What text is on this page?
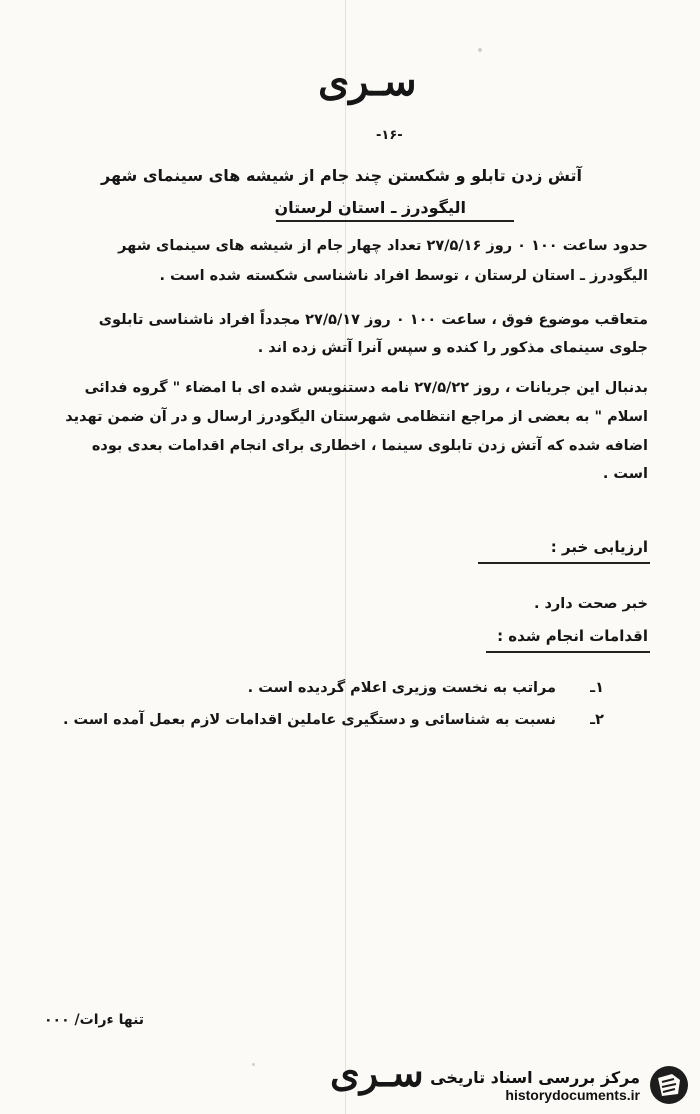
سـری
-۱۶-
آتش زدن تابلو و شکستن چند جام از شیشه های سینمای شهر
الیگودرز ـ استان لرستان
حدود ساعت ۱۰۰ ۰ روز ۲۷/۵/۱۶ تعداد چهار جام از شیشه های سینمای شهر
الیگودرز ـ استان لرستان ، توسط افراد ناشناسی شکسته شده است .
متعاقب موضوع فوق ، ساعت ۱۰۰ ۰ روز ۲۷/۵/۱۷ مجدداً افراد ناشناسی تابلوی
جلوی سینمای مذکور را کنده و سپس آنرا آتش زده اند .
بدنبال این جریانات ، روز ۲۷/۵/۲۲ نامه دستنویس شده ای با امضاء " گروه فدائی
اسلام " به بعضی از مراجع انتظامی شهرستان الیگودرز ارسال و در آن ضمن تهدید
اضافه شده که آتش زدن تابلوی سینما ، اخطاری برای انجام اقدامات بعدی بوده
است .
ارزیابی خبر :
خبر صحت دارد .
اقدامات انجام شده :
۱ـ
مراتب به نخست وزیری اعلام گردیده است .
۲ـ
نسبت به شناسائی و دستگیری عاملین اقدامات لازم بعمل آمده است .
تنها ءرات/ ۰۰۰
سـری مرکز بررسی اسناد تاریخی
historydocuments.ir
